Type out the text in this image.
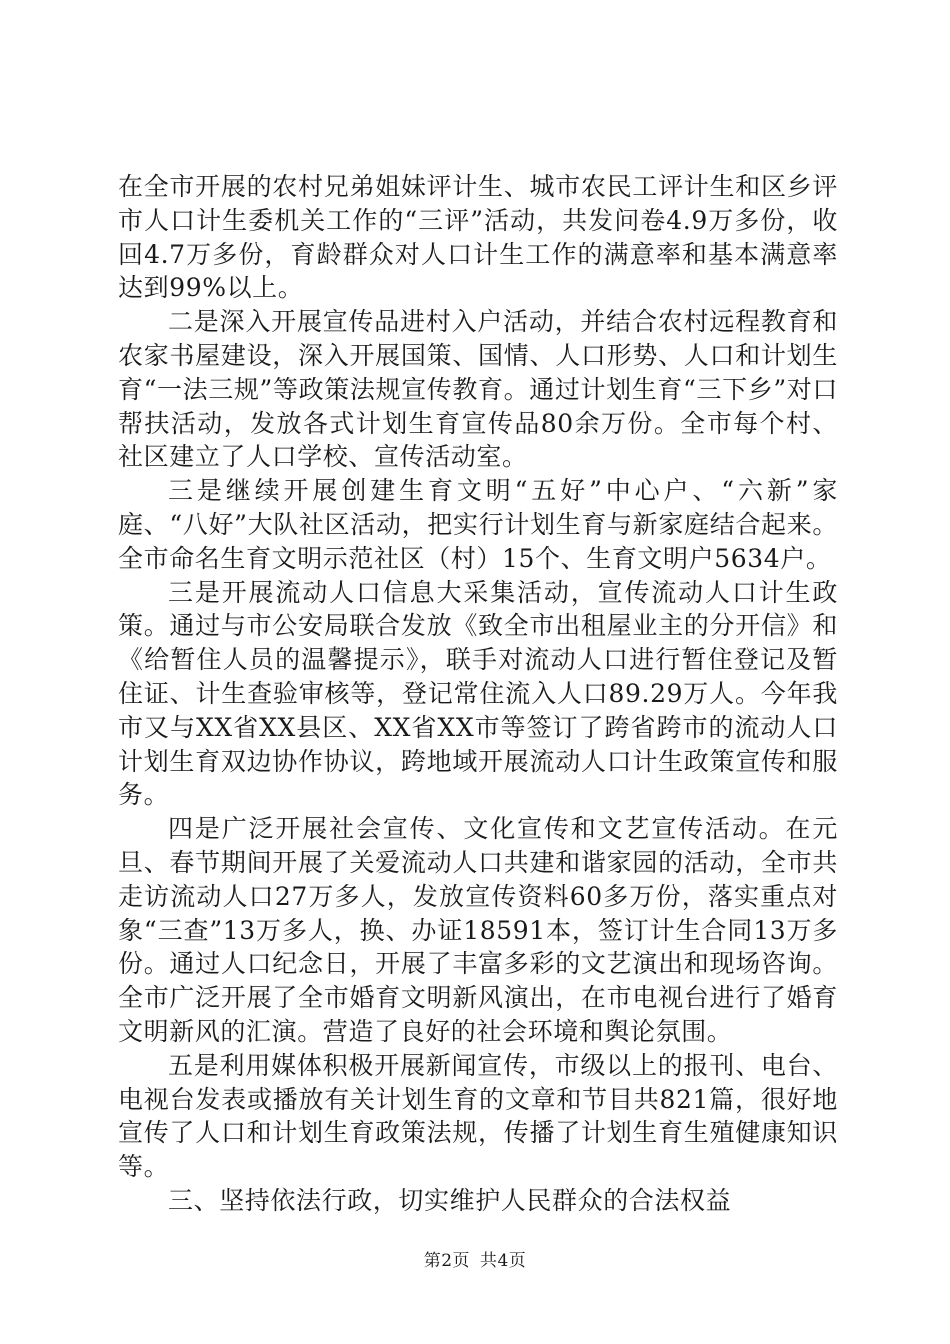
在全市开展的农村兄弟姐妹评计生、城市农民工评计生和区乡评市人口计生委机关工作的“三评”活动，共发问卷4.9万多份，收回4.7万多份，育龄群众对人口计生工作的满意率和基本满意率达到99%以上。

二是深入开展宣传品进村入户活动，并结合农村远程教育和农家书屋建设，深入开展国策、国情、人口形势、人口和计划生育“一法三规”等政策法规宣传教育。通过计划生育“三下乡”对口帮扶活动，发放各式计划生育宣传品80余万份。全市每个村、社区建立了人口学校、宣传活动室。

三是继续开展创建生育文明“五好”中心户、“六新”家庭、“八好”大队社区活动，把实行计划生育与新家庭结合起来。全市命名生育文明示范社区（村）15个、生育文明户5634户。

三是开展流动人口信息大采集活动，宣传流动人口计生政策。通过与市公安局联合发放《致全市出租屋业主的分开信》和《给暂住人员的温馨提示》，联手对流动人口进行暂住登记及暂住证、计生查验审核等，登记常住流入人口89.29万人。今年我市又与XX省XX县区、XX省XX市等签订了跨省跨市的流动人口计划生育双边协作协议，跨地域开展流动人口计生政策宣传和服务。

四是广泛开展社会宣传、文化宣传和文艺宣传活动。在元旦、春节期间开展了关爱流动人口共建和谐家园的活动，全市共走访流动人口27万多人，发放宣传资料60多万份，落实重点对象“三查”13万多人，换、办证18591本，签订计生合同13万多份。通过人口纪念日，开展了丰富多彩的文艺演出和现场咨询。全市广泛开展了全市婚育文明新风演出，在市电视台进行了婚育文明新风的汇演。营造了良好的社会环境和舆论氛围。

五是利用媒体积极开展新闻宣传，市级以上的报刊、电台、电视台发表或播放有关计划生育的文章和节目共821篇，很好地宣传了人口和计划生育政策法规，传播了计划生育生殖健康知识等。

三、坚持依法行政，切实维护人民群众的合法权益

第2页 共4页
